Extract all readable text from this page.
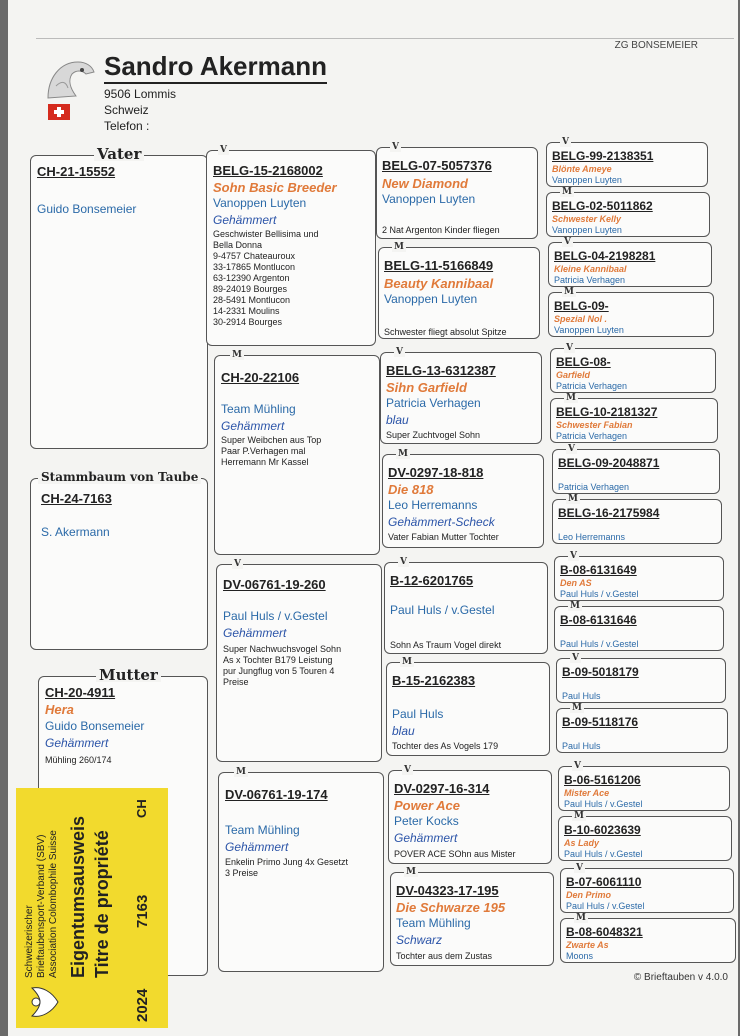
ZG BONSEMEIER
Sandro Akermann
9506 Lommis
Schweiz
Telefon :
CH-21-15552
Guido Bonsemeier
Vater
CH-24-7163
S. Akermann
Stammbaum von Taube
CH-20-4911
Hera
Guido Bonsemeier
Gehämmert
Mühling 260/174
Mutter
BELG-15-2168002
Sohn Basic Breeder
Vanoppen Luyten
Gehämmert
Geschwister Bellisima und
Bella Donna
9-4757 Chateauroux
33-17865 Montlucon
63-12390 Argenton
89-24019 Bourges
28-5491 Montlucon
14-2331 Moulins
30-2914 Bourges
V
CH-20-22106
Team Mühling
Gehämmert
Super Weibchen aus Top
Paar P.Verhagen mal
Herremann Mr Kassel
M
DV-06761-19-260
Paul Huls / v.Gestel
Gehämmert
Super Nachwuchsvogel Sohn
As x Tochter B179 Leistung
pur Jungflug von 5 Touren 4
Preise
V
DV-06761-19-174
Team Mühling
Gehämmert
Enkelin Primo Jung 4x Gesetzt
3 Preise
M
BELG-07-5057376
New Diamond
Vanoppen Luyten
2 Nat Argenton Kinder fliegen
V
BELG-11-5166849
Beauty Kannibaal
Vanoppen Luyten
Schwester fliegt absolut Spitze
M
BELG-13-6312387
Sihn Garfield
Patricia Verhagen
blau
Super Zuchtvogel Sohn
V
DV-0297-18-818
Die 818
Leo Herremanns
Gehämmert-Scheck
Vater Fabian Mutter Tochter
M
B-12-6201765
Paul Huls / v.Gestel
Sohn As Traum Vogel direkt
V
B-15-2162383
Paul Huls
blau
Tochter des As Vogels 179
M
DV-0297-16-314
Power Ace
Peter Kocks
Gehämmert
POVER ACE SOhn aus Mister
V
DV-04323-17-195
Die Schwarze 195
Team Mühling
Schwarz
Tochter aus dem Zustas
M
BELG-99-2138351
Blönte Ameye
Vanoppen Luyten
V
BELG-02-5011862
Schwester Kelly
Vanoppen Luyten
M
BELG-04-2198281
Kleine Kannibaal
Patricia Verhagen
V
BELG-09-
Spezial Nol .
Vanoppen Luyten
M
BELG-08-
Garfield
Patricia Verhagen
V
BELG-10-2181327
Schwester Fabian
Patricia Verhagen
M
BELG-09-2048871
Patricia Verhagen
V
BELG-16-2175984
Leo Herremanns
M
B-08-6131649
Den AS
Paul Huls / v.Gestel
V
B-08-6131646
Paul Huls / v.Gestel
M
B-09-5018179
Paul Huls
V
B-09-5118176
Paul Huls
M
B-06-5161206
Mister Ace
Paul Huls / v.Gestel
V
B-10-6023639
As Lady
Paul Huls / v.Gestel
M
B-07-6061110
Den Primo
Paul Huls / v.Gestel
V
B-08-6048321
Zwarte As
Moons
M
© Brieftauben v 4.0.0
Schweizerischer Brieftaubensport-Verband (SBV) Association Colombophile Suisse Eigentumsausweis Titre de propriété
2024
7163
CH
